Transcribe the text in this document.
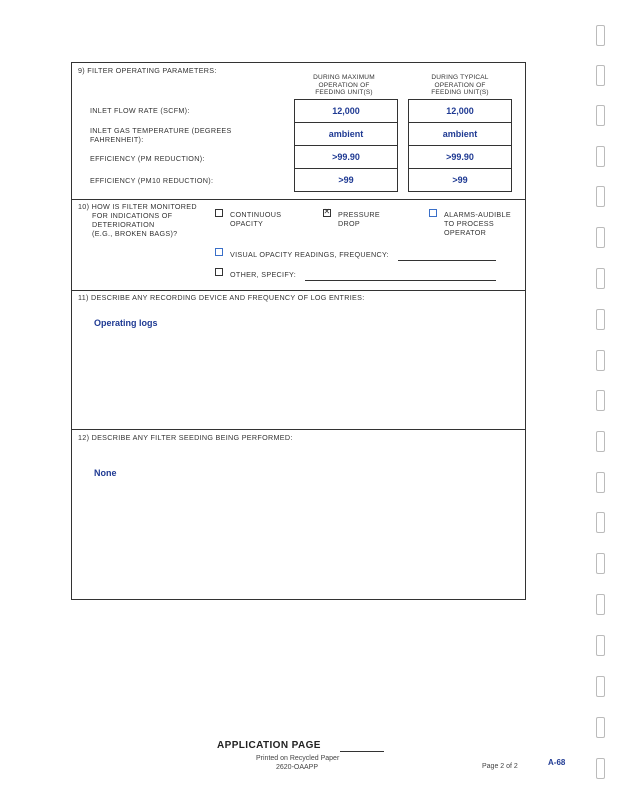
9) FILTER OPERATING PARAMETERS:
DURING MAXIMUM
OPERATION OF
FEEDING UNIT(S)
DURING TYPICAL
OPERATION OF
FEEDING UNIT(S)
INLET FLOW RATE (SCFM):	12,000	12,000
INLET GAS TEMPERATURE (DEGREES
FAHRENHEIT):
ambient	ambient
EFFICIENCY (PM REDUCTION):	>99.90	>99.90
EFFICIENCY (PM10 REDUCTION):	>99	>99
10) HOW IS FILTER MONITORED
FOR INDICATIONS OF
DETERIORATION
(E.G., BROKEN BAGS)?
CONTINUOUS
OPACITY
✕
PRESSURE
DROP
ALARMS-AUDIBLE
TO PROCESS
OPERATOR
VISUAL OPACITY READINGS, FREQUENCY:
OTHER, SPECIFY:
11) DESCRIBE ANY RECORDING DEVICE AND FREQUENCY OF LOG ENTRIES:
Operating logs
12) DESCRIBE ANY FILTER SEEDING BEING PERFORMED:
None
APPLICATION PAGE
Printed on Recycled Paper
2620-OAAPP	Page 2 of 2	A-68
